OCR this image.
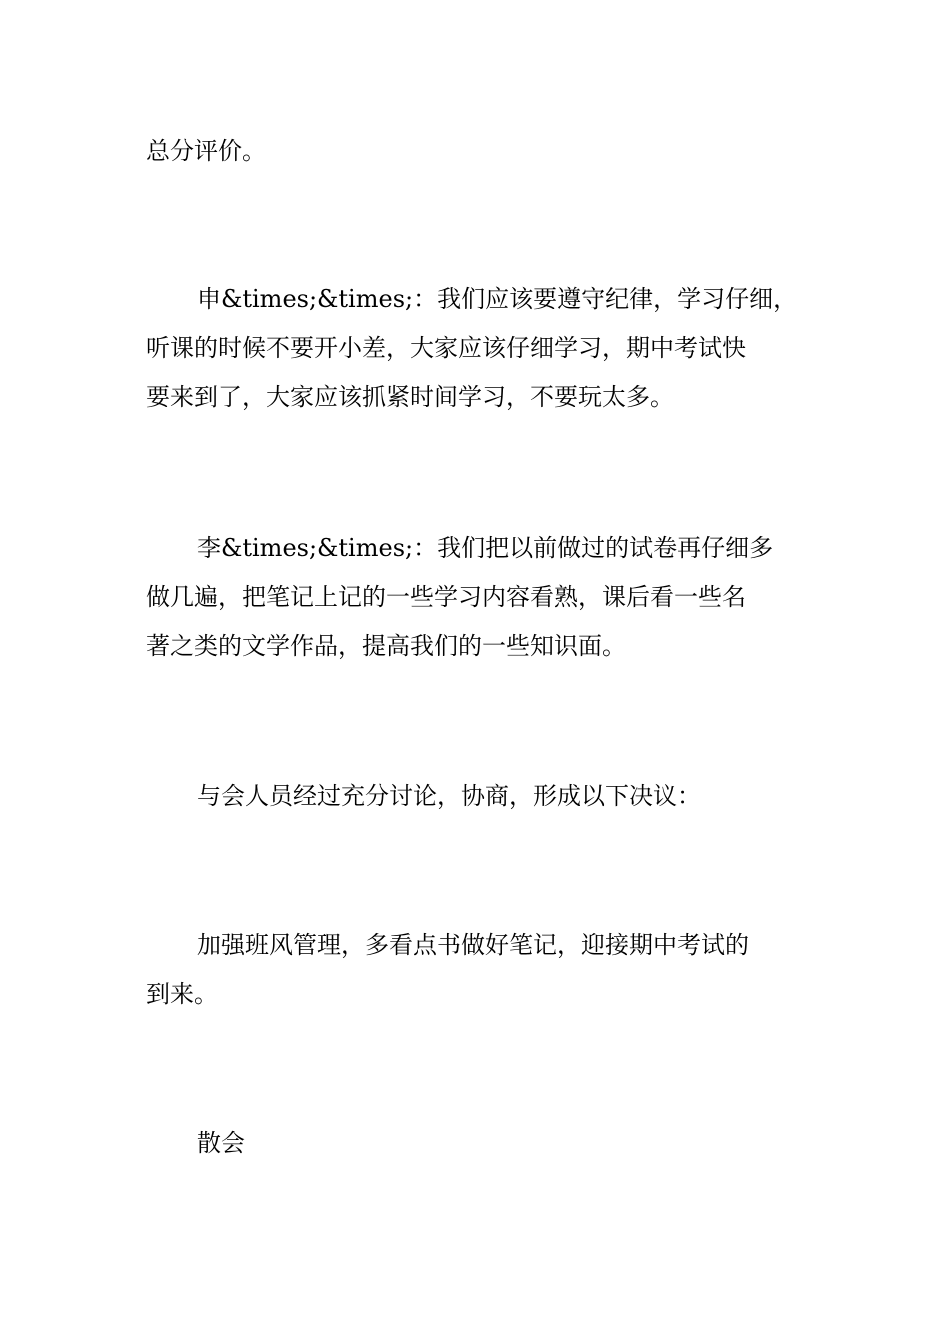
总分评价。

申&times;&times;：我们应该要遵守纪律，学习仔细，
听课的时候不要开小差，大家应该仔细学习，期中考试快
要来到了，大家应该抓紧时间学习，不要玩太多。

李&times;&times;：我们把以前做过的试卷再仔细多
做几遍，把笔记上记的一些学习内容看熟，课后看一些名
著之类的文学作品，提高我们的一些知识面。

与会人员经过充分讨论，协商，形成以下决议：

加强班风管理，多看点书做好笔记，迎接期中考试的
到来。

散会
